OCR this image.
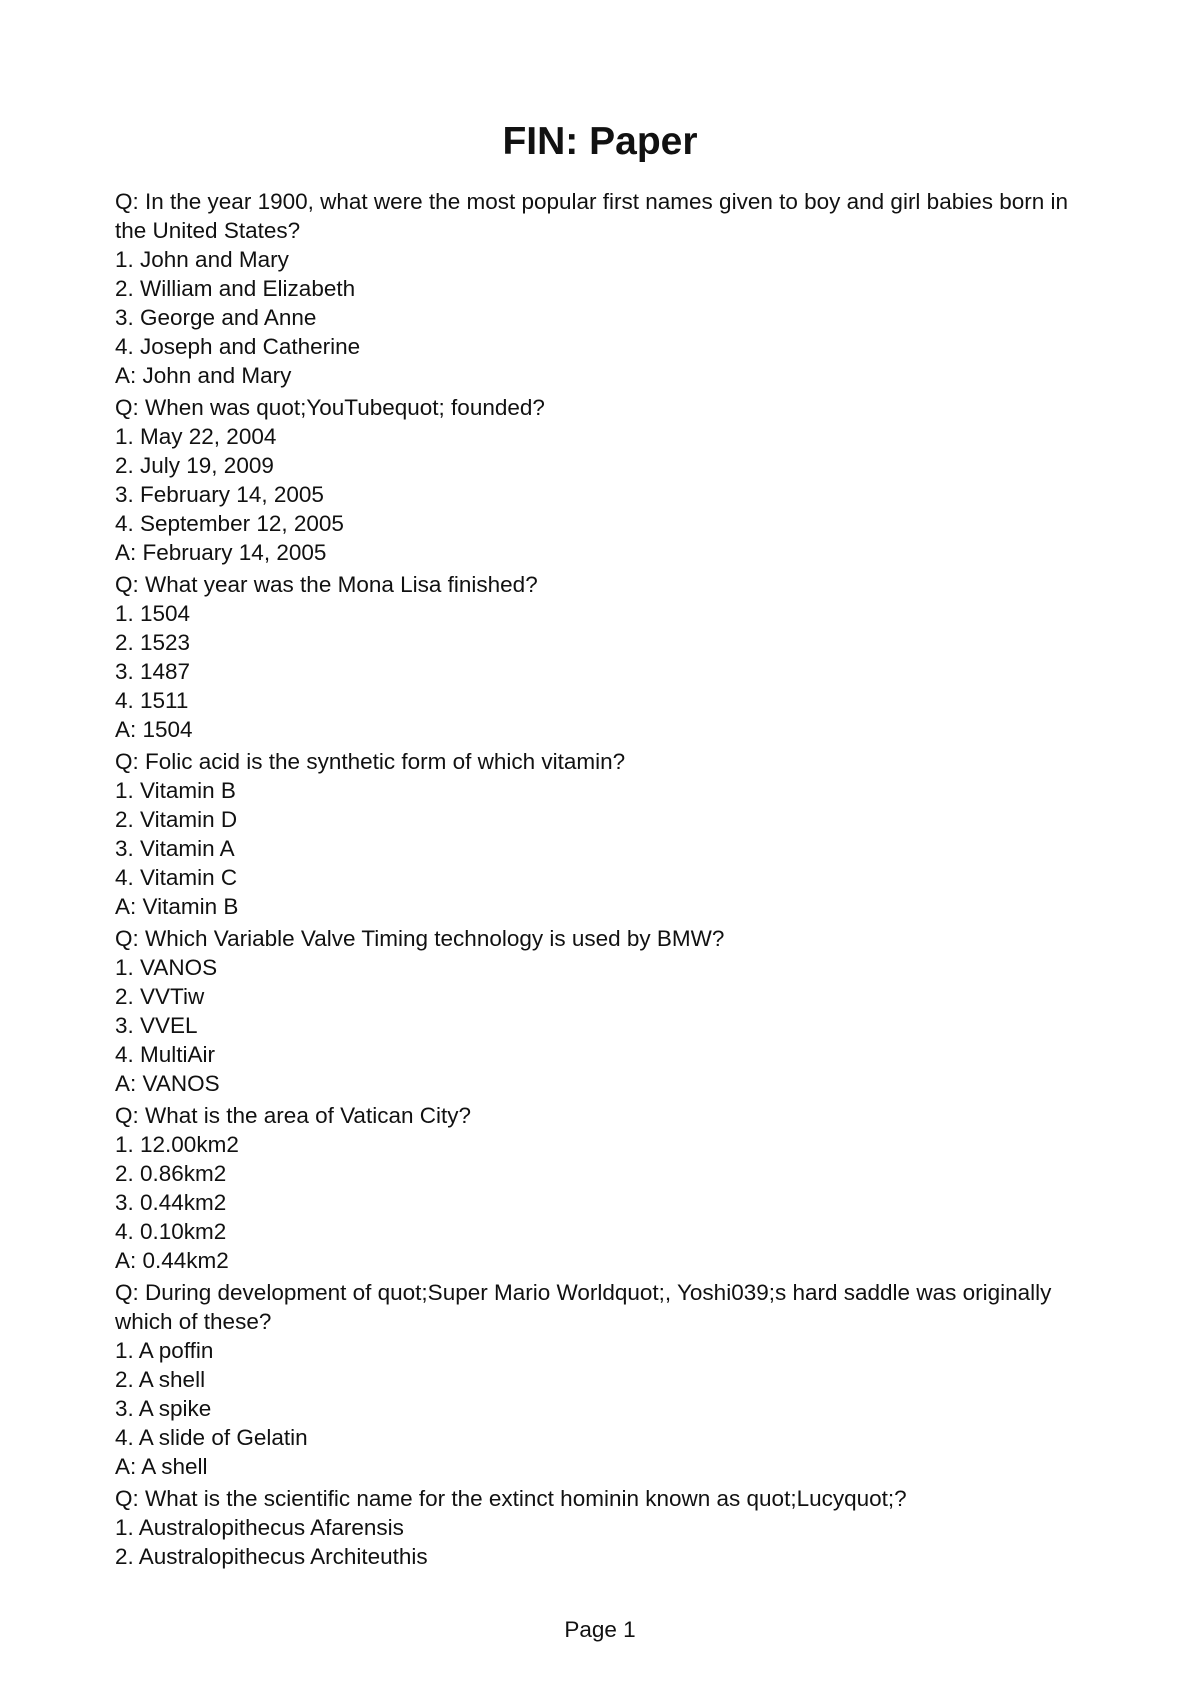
FIN: Paper
Q: In the year 1900, what were the most popular first names given to boy and girl babies born in the United States?
1. John and Mary
2. William and Elizabeth
3. George and Anne
4. Joseph and Catherine
A: John and Mary
Q: When was quot;YouTubequot; founded?
1. May 22, 2004
2. July 19, 2009
3. February 14, 2005
4. September 12, 2005
A: February 14, 2005
Q: What year was the Mona Lisa finished?
1. 1504
2. 1523
3. 1487
4. 1511
A: 1504
Q: Folic acid is the synthetic form of which vitamin?
1. Vitamin B
2. Vitamin D
3. Vitamin A
4. Vitamin C
A: Vitamin B
Q: Which Variable Valve Timing technology is used by BMW?
1. VANOS
2. VVTiw
3. VVEL
4. MultiAir
A: VANOS
Q: What is the area of Vatican City?
1. 12.00km2
2. 0.86km2
3. 0.44km2
4. 0.10km2
A: 0.44km2
Q: During development of quot;Super Mario Worldquot;, Yoshi039;s hard saddle was originally which of these?
1. A poffin
2. A shell
3. A spike
4. A slide of Gelatin
A: A shell
Q: What is the scientific name for the extinct hominin known as quot;Lucyquot;?
1. Australopithecus Afarensis
2. Australopithecus Architeuthis
Page 1
